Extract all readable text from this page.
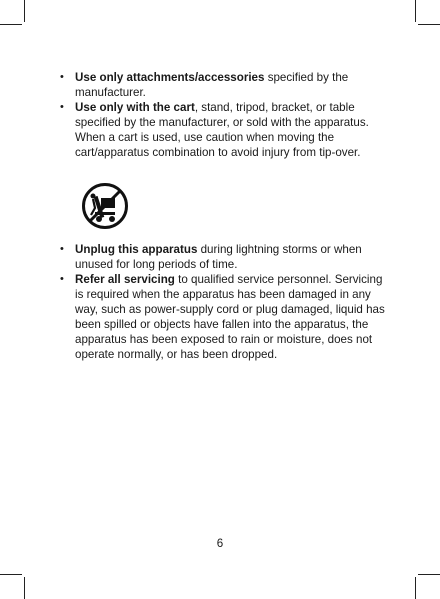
• Use only attachments/accessories specified by the manufacturer.
• Use only with the cart, stand, tripod, bracket, or table specified by the manufacturer, or sold with the apparatus. When a cart is used, use caution when moving the cart/apparatus combination to avoid injury from tip-over.
• Unplug this apparatus during lightning storms or when unused for long periods of time.
• Refer all servicing to qualified service personnel. Servicing is required when the apparatus has been damaged in any way, such as power-supply cord or plug damaged, liquid has been spilled or objects have fallen into the apparatus, the apparatus has been exposed to rain or moisture, does not operate normally, or has been dropped.
6
